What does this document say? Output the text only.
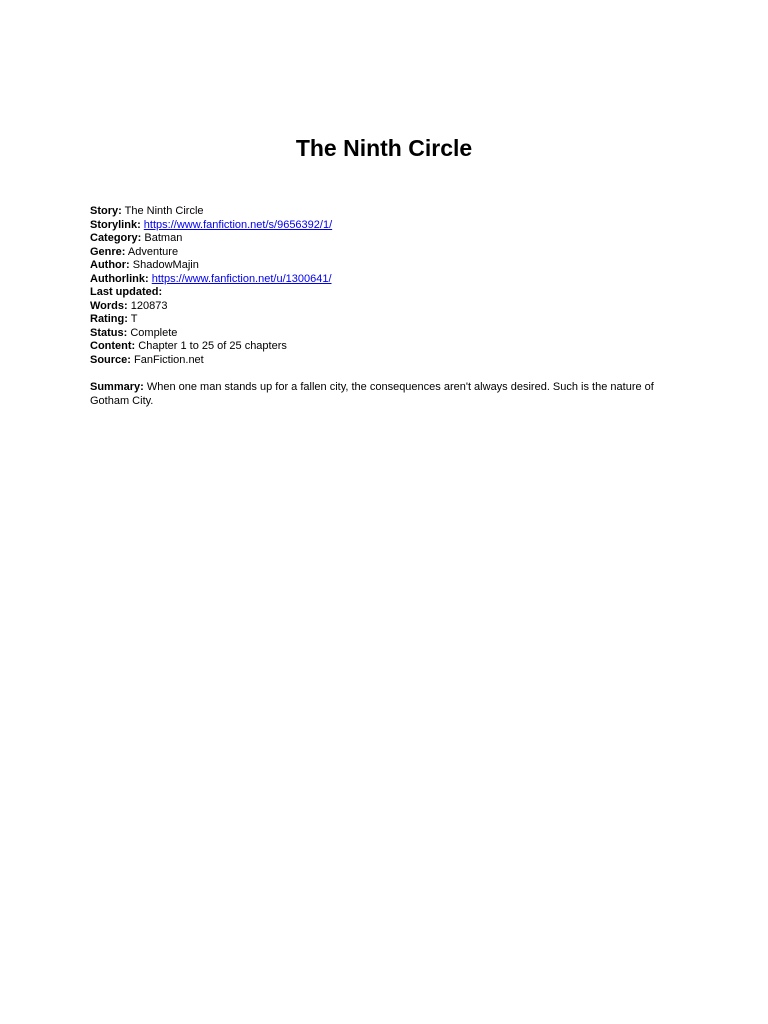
The Ninth Circle
Story: The Ninth Circle
Storylink: https://www.fanfiction.net/s/9656392/1/
Category: Batman
Genre: Adventure
Author: ShadowMajin
Authorlink: https://www.fanfiction.net/u/1300641/
Last updated:
Words: 120873
Rating: T
Status: Complete
Content: Chapter 1 to 25 of 25 chapters
Source: FanFiction.net

Summary: When one man stands up for a fallen city, the consequences aren't always desired. Such is the nature of Gotham City.
